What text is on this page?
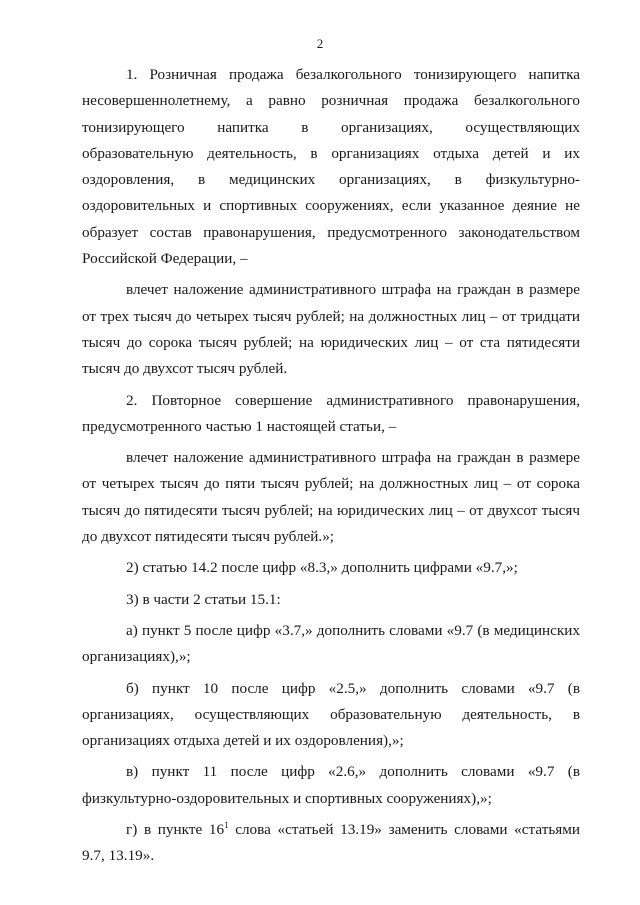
2

1. Розничная продажа безалкогольного тонизирующего напитка несовершеннолетнему, а равно розничная продажа безалкогольного тонизирующего напитка в организациях, осуществляющих образовательную деятельность, в организациях отдыха детей и их оздоровления, в медицинских организациях, в физкультурно-оздоровительных и спортивных сооружениях, если указанное деяние не образует состав правонарушения, предусмотренного законодательством Российской Федерации, –

влечет наложение административного штрафа на граждан в размере от трех тысяч до четырех тысяч рублей; на должностных лиц – от тридцати тысяч до сорока тысяч рублей; на юридических лиц – от ста пятидесяти тысяч до двухсот тысяч рублей.

2. Повторное совершение административного правонарушения, предусмотренного частью 1 настоящей статьи, –

влечет наложение административного штрафа на граждан в размере от четырех тысяч до пяти тысяч рублей; на должностных лиц – от сорока тысяч до пятидесяти тысяч рублей; на юридических лиц – от двухсот тысяч до двухсот пятидесяти тысяч рублей.»;

2) статью 14.2 после цифр «8.3,» дополнить цифрами «9.7,»;

3) в части 2 статьи 15.1:

а) пункт 5 после цифр «3.7,» дополнить словами «9.7 (в медицинских организациях),»;

б) пункт 10 после цифр «2.5,» дополнить словами «9.7 (в организациях, осуществляющих образовательную деятельность, в организациях отдыха детей и их оздоровления),»;

в) пункт 11 после цифр «2.6,» дополнить словами «9.7 (в физкультурно-оздоровительных и спортивных сооружениях),»;

г) в пункте $16^1$ слова «статьей 13.19» заменить словами «статьями 9.7, 13.19».
